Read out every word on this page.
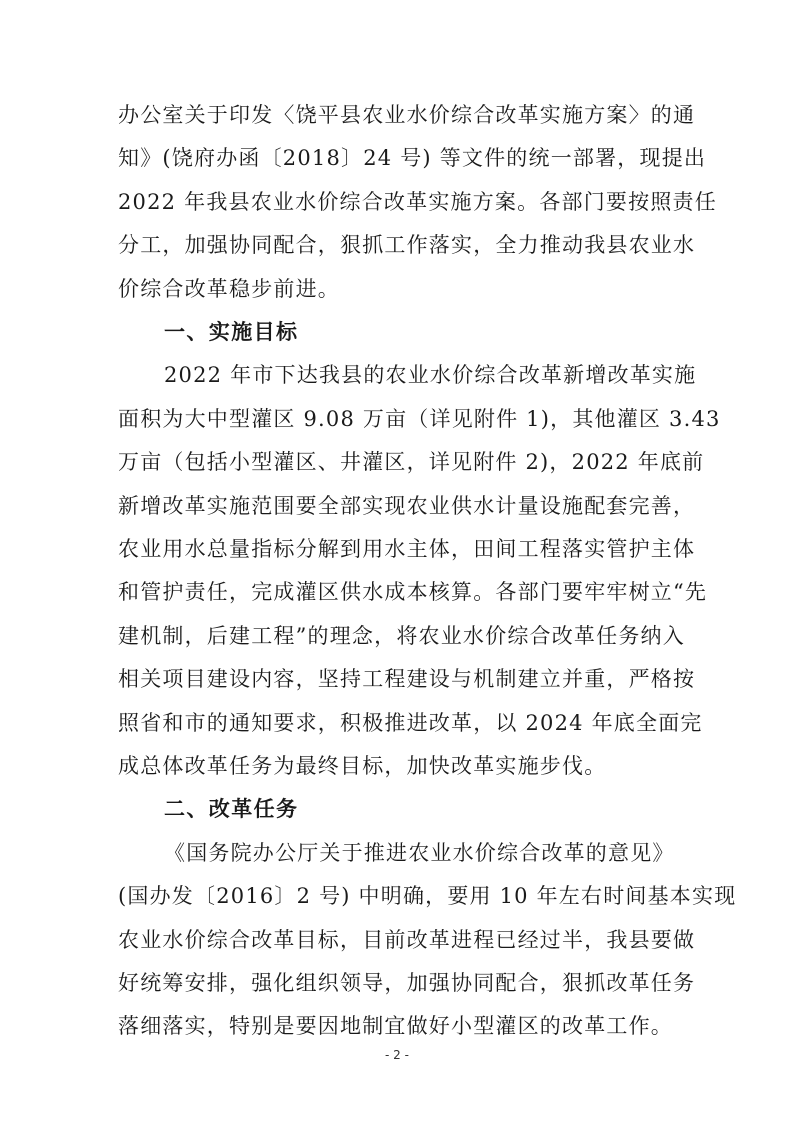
办公室关于印发〈饶平县农业水价综合改革实施方案〉的通
知》(饶府办函〔2018〕24 号) 等文件的统一部署，现提出
2022 年我县农业水价综合改革实施方案。各部门要按照责任
分工，加强协同配合，狠抓工作落实，全力推动我县农业水
价综合改革稳步前进。
一、实施目标
2022 年市下达我县的农业水价综合改革新增改革实施
面积为大中型灌区 9.08 万亩（详见附件 1)，其他灌区 3.43
万亩（包括小型灌区、井灌区，详见附件 2)，2022 年底前
新增改革实施范围要全部实现农业供水计量设施配套完善，
农业用水总量指标分解到用水主体，田间工程落实管护主体
和管护责任，完成灌区供水成本核算。各部门要牢牢树立“先
建机制，后建工程”的理念，将农业水价综合改革任务纳入
相关项目建设内容，坚持工程建设与机制建立并重，严格按
照省和市的通知要求，积极推进改革，以 2024 年底全面完
成总体改革任务为最终目标，加快改革实施步伐。
二、改革任务
《国务院办公厅关于推进农业水价综合改革的意见》
(国办发〔2016〕2 号) 中明确，要用 10 年左右时间基本实现
农业水价综合改革目标，目前改革进程已经过半，我县要做
好统筹安排，强化组织领导，加强协同配合，狠抓改革任务
落细落实，特别是要因地制宜做好小型灌区的改革工作。
- 2 -
